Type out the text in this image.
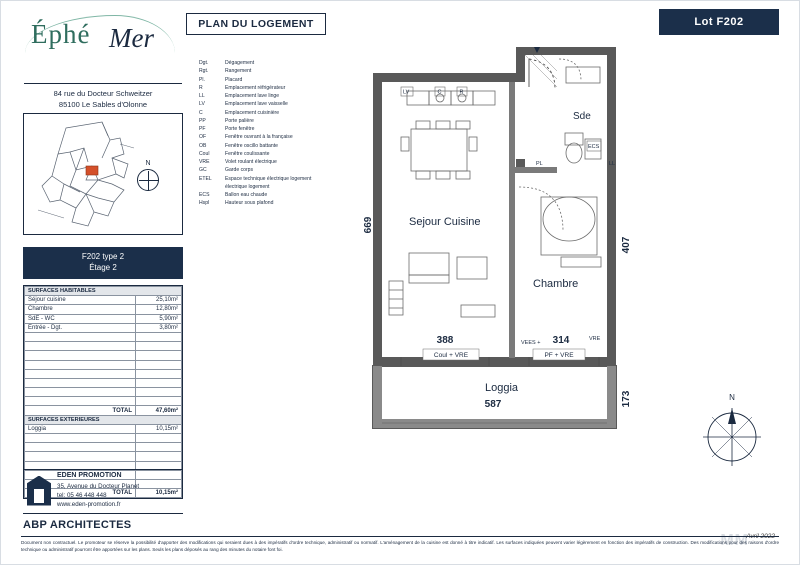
Éphé Mer	PLAN DU LOGEMENT	Lot F202
Dgt.	Dégagement
Rgt.	Rangement
Pl.	Placard
R	Emplacement réfrigérateur
LL	Emplacement lave linge
LV	Emplacement lave vaisselle
C	Emplacement cuisinière
PP	Porte palière
PF	Porte fenêtre
OF	Fenêtre ouvrant à la française
OB	Fenêtre oscillo battante
Coul	Fenêtre coulissante
VRE	Volet roulant électrique
GC	Garde corps
ETEL	Espace technique électrique logement
électrique logement
ECS	Ballon eau chaude
Hspl	Hauteur sous plafond
84 rue du Docteur Schweitzer
85100 Le Sables d'Olonne
N
F202 type 2
Étage 2
SURFACES HABITABLES	
Séjour cuisine	25,10m²
Chambre	12,80m²
SdE - WC	5,90m²
Entrée - Dgt.	3,80m²

TOTAL	47,60m²
SURFACES EXTERIEURES	
Loggia	10,15m²

TOTAL	10,15m²
EDEN PROMOTION
35, Avenue du Docteur Planet
tel: 05 46 448 448
www.eden-promotion.fr
ABP ARCHITECTES
LV	C	R
PL
ECS
LL
VRE
VEES +
Sejour Cuisine
Chambre
Sde
Loggia
669
388	314
407
587	173
Coul + VRE	PF + VRE
N
MM
Avril 2022
Document non contractuel. Le promoteur se réserve la possibilité d'apporter des modifications qui seraient dues à des impératifs d'ordre technique, administratif ou normatif. L'aménagement de la cuisine est donné à titre indicatif. Les surfaces indiquées peuvent varier légèrement en fonction des impératifs de construction. Des modifications pour des raisons d'ordre technique ou administratif pourront être apportées sur les plans. Seuls les plans déposés au rang des minutes du notaire font foi.
